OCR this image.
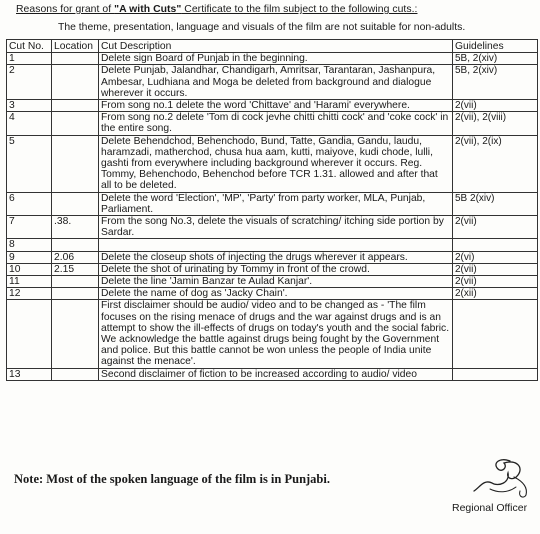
Reasons for grant of "A with Cuts" Certificate to the film subject to the following cuts.:
The theme, presentation, language and visuals of the film are not suitable for non-adults.
Cut No.	Location	Cut Description	Guidelines
1		Delete sign Board of Punjab in the beginning.	5B, 2(xiv)
2		Delete Punjab, Jalandhar, Chandigarh, Amritsar, Tarantaran, Jashanpura, Ambesar, Ludhiana and Moga be deleted from background and dialogue wherever it occurs.	5B, 2(xiv)
3		From song no.1 delete the word 'Chittave' and 'Harami' everywhere.	2(vii)
4		From song no.2 delete 'Tom di cock jevhe chitti chitti cock' and 'coke cock' in the entire song.	2(vii), 2(viii)
5		Delete Behendchod, Behenchodo, Bund, Tatte, Gandia, Gandu, laudu, haramzadi, matherchod, chusa hua aam, kutti, maiyove, kudi chode, lulli, gashti from everywhere including background wherever it occurs. Reg. Tommy, Behenchodo, Behenchod before TCR 1.31. allowed and after that all to be deleted.	2(vii), 2(ix)
6		Delete the word 'Election', 'MP', 'Party' from party worker, MLA, Punjab, Parliament.	5B 2(xiv)
7	.38.	From the song No.3, delete the visuals of scratching/ itching side portion by Sardar.	2(vii)
8			
9	2.06	Delete the closeup shots of injecting the drugs wherever it appears.	2(vi)
10	2.15	Delete the shot of urinating by Tommy in front of the crowd.	2(vii)
11		Delete the line 'Jamin Banzar te Aulad Kanjar'.	2(vii)
12		Delete the name of dog as 'Jacky Chain'.	2(xii)
		First disclaimer should be audio/ video and to be changed as - 'The film focuses on the rising menace of drugs and the war against drugs and is an attempt to show the ill-effects of drugs on today's youth and the social fabric. We acknowledge the battle against drugs being fought by the Government and police. But this battle cannot be won unless the people of India unite against the menace'.	
13		Second disclaimer of fiction to be increased according to audio/ video	
Note: Most of the spoken language of the film is in Punjabi.
Regional Officer
